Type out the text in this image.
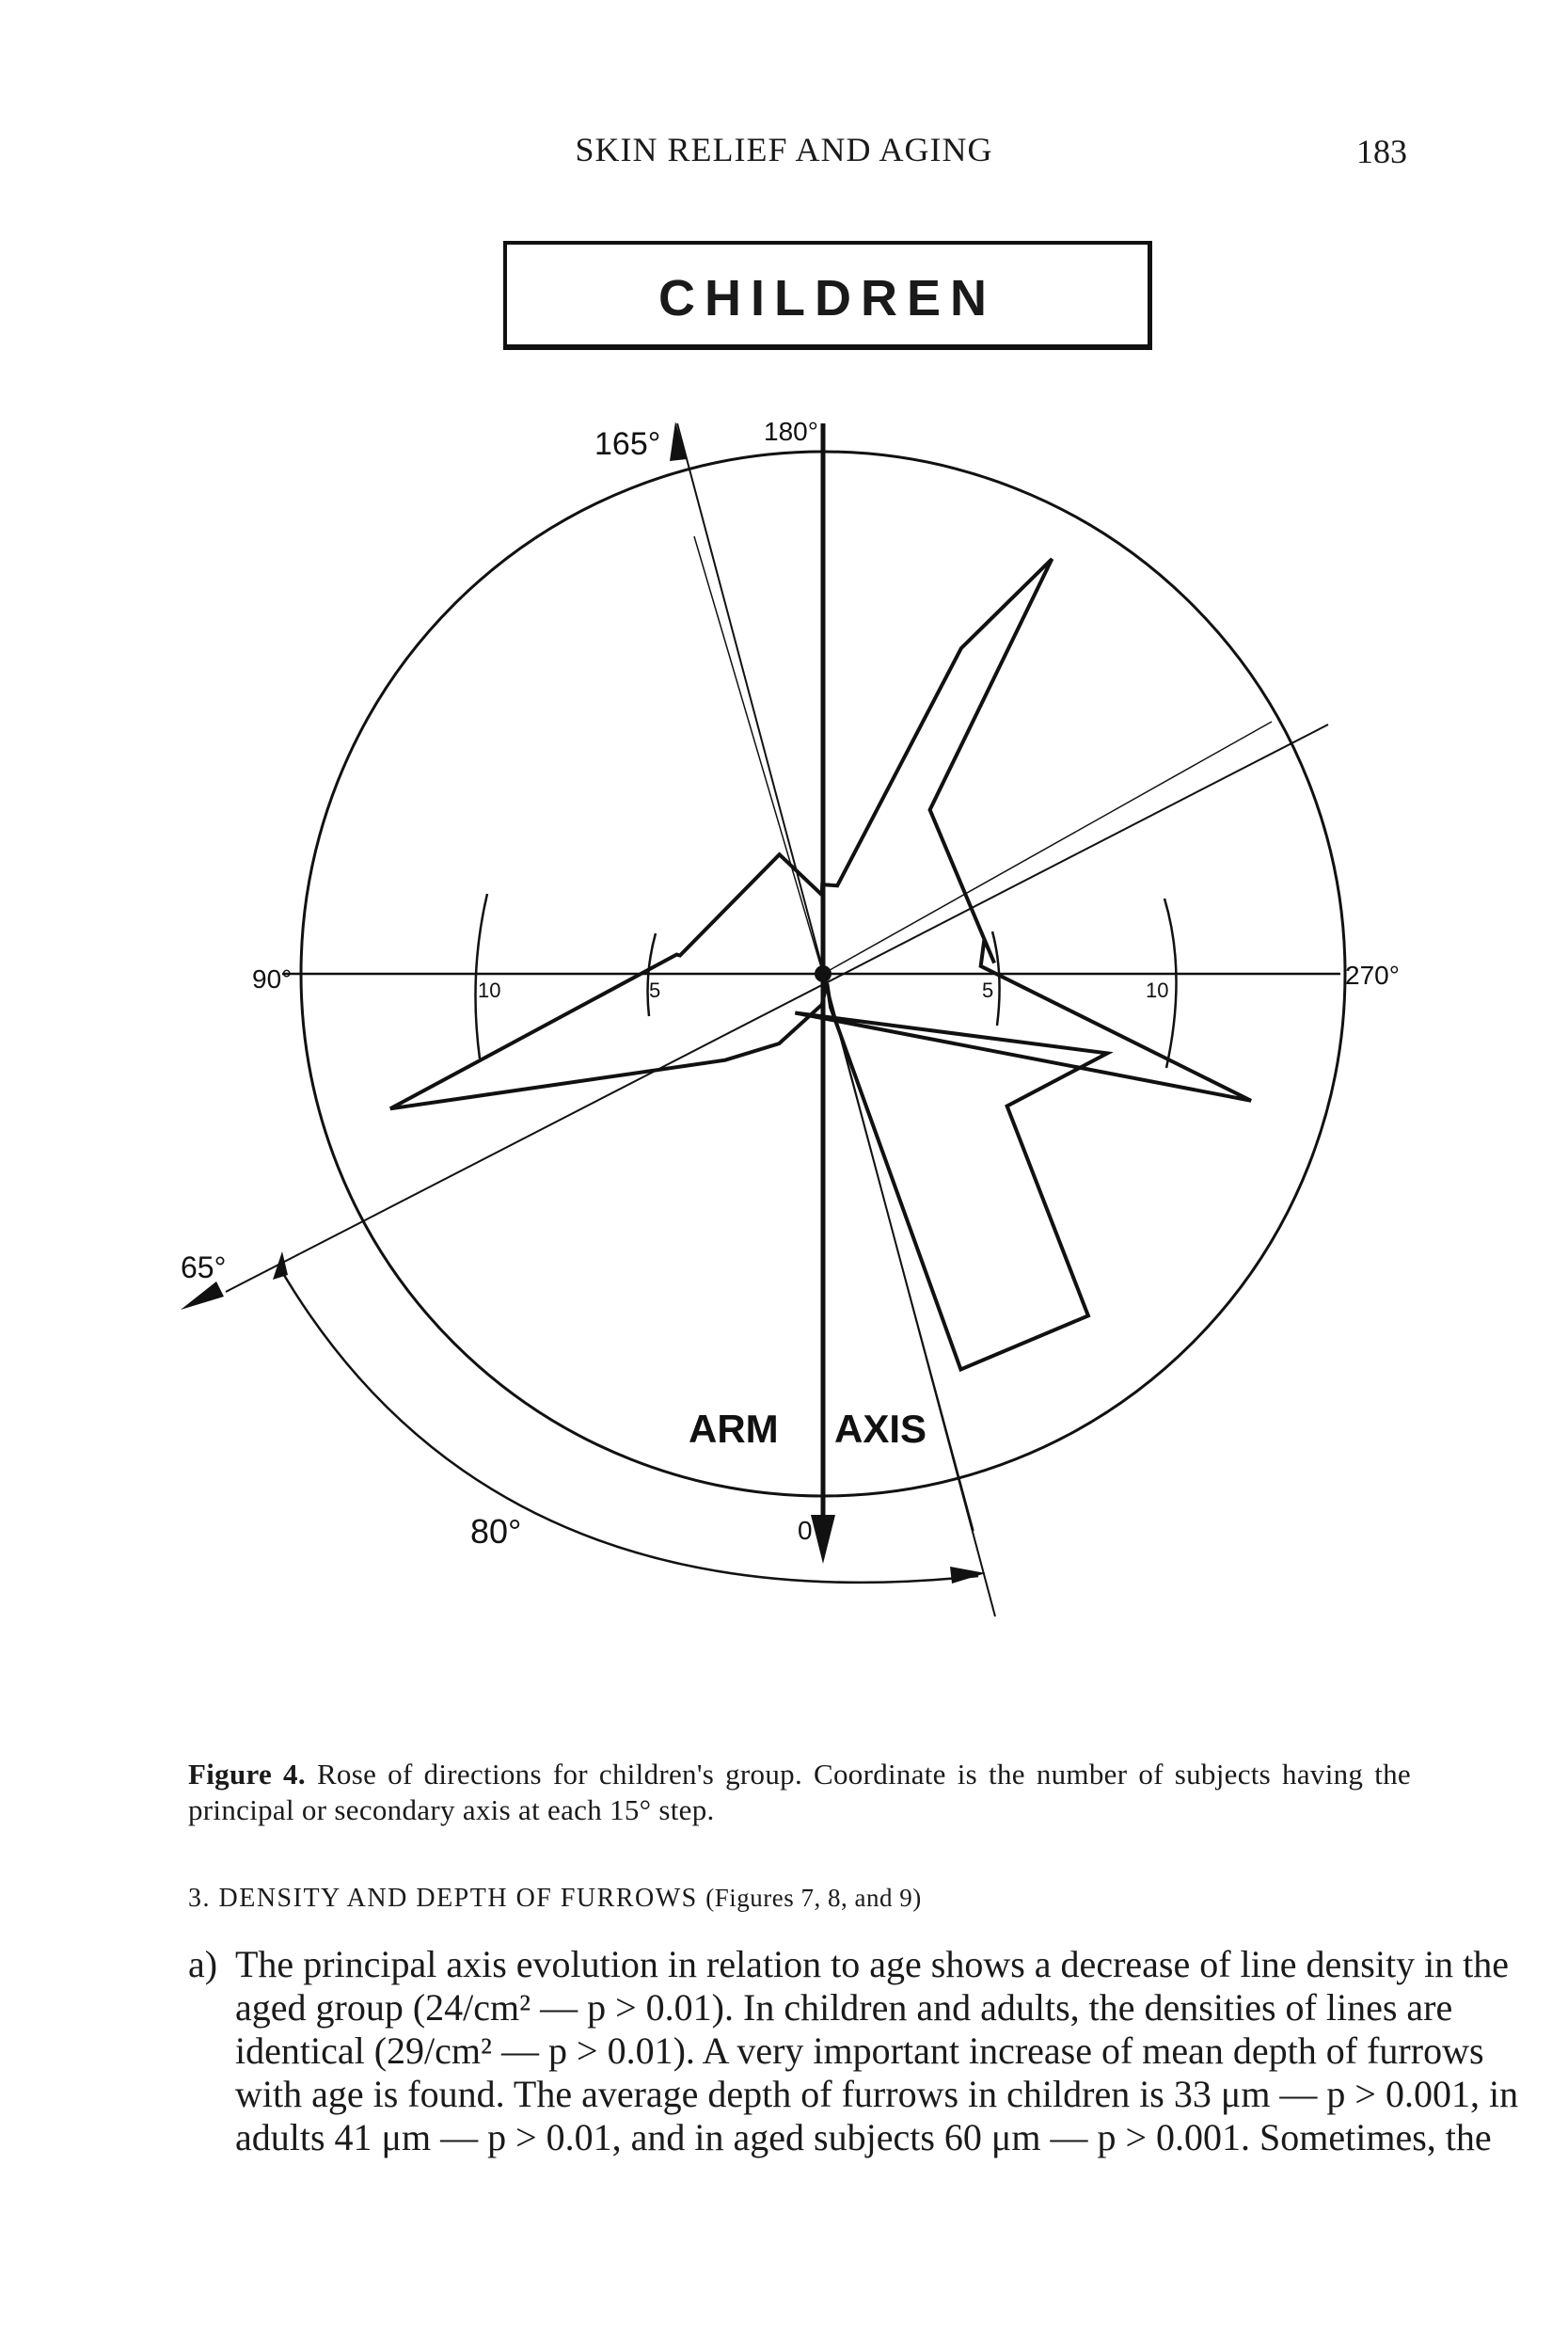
SKIN RELIEF AND AGING	183
CHILDREN
180°
165°
90°	270°
65°
80°	0°
10	5	5	10
ARM AXIS
Figure 4. Rose of directions for children's group. Coordinate is the number of subjects having the principal or secondary axis at each 15° step.
3. DENSITY AND DEPTH OF FURROWS (Figures 7, 8, and 9)
a) The principal axis evolution in relation to age shows a decrease of line density in the
aged group (24/cm² — p > 0.01). In children and adults, the densities of lines are
identical (29/cm² — p > 0.01). A very important increase of mean depth of furrows
with age is found. The average depth of furrows in children is 33 μm — p > 0.001, in
adults 41 μm — p > 0.01, and in aged subjects 60 μm — p > 0.001. Sometimes, the
